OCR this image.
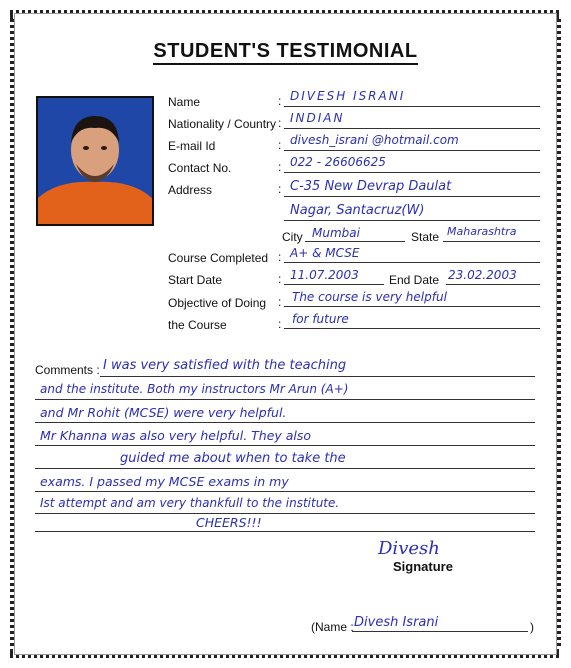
STUDENT'S TESTIMONIAL
Name	: DIVESH ISRANI
Nationality / Country : INDIAN
E-mail Id	: divesh_israni @hotmail.com
Contact No.	: 022 - 26606625
Address	: C-35 New Devrap Daulat
Nagar, Santacruz(W)
City Mumbai	State Maharashtra
Course Completed : A+ & MCSE
Start Date	: 11.07.2003	End Date 23.02.2003
Objective of Doing : The course is very helpful
the Course	: for future
Comments : I was very satisfied with the teaching
and the institute. Both my instructors Mr Arun (A+)
and Mr Rohit (MCSE) were very helpful.
Mr Khanna was also very helpful. They also
guided me about when to take the
exams. I passed my MCSE exams in my
Ist attempt and am very thankfull to the institute.
CHEERS!!!
Divesh
Signature
(Name : Divesh Israni	)
